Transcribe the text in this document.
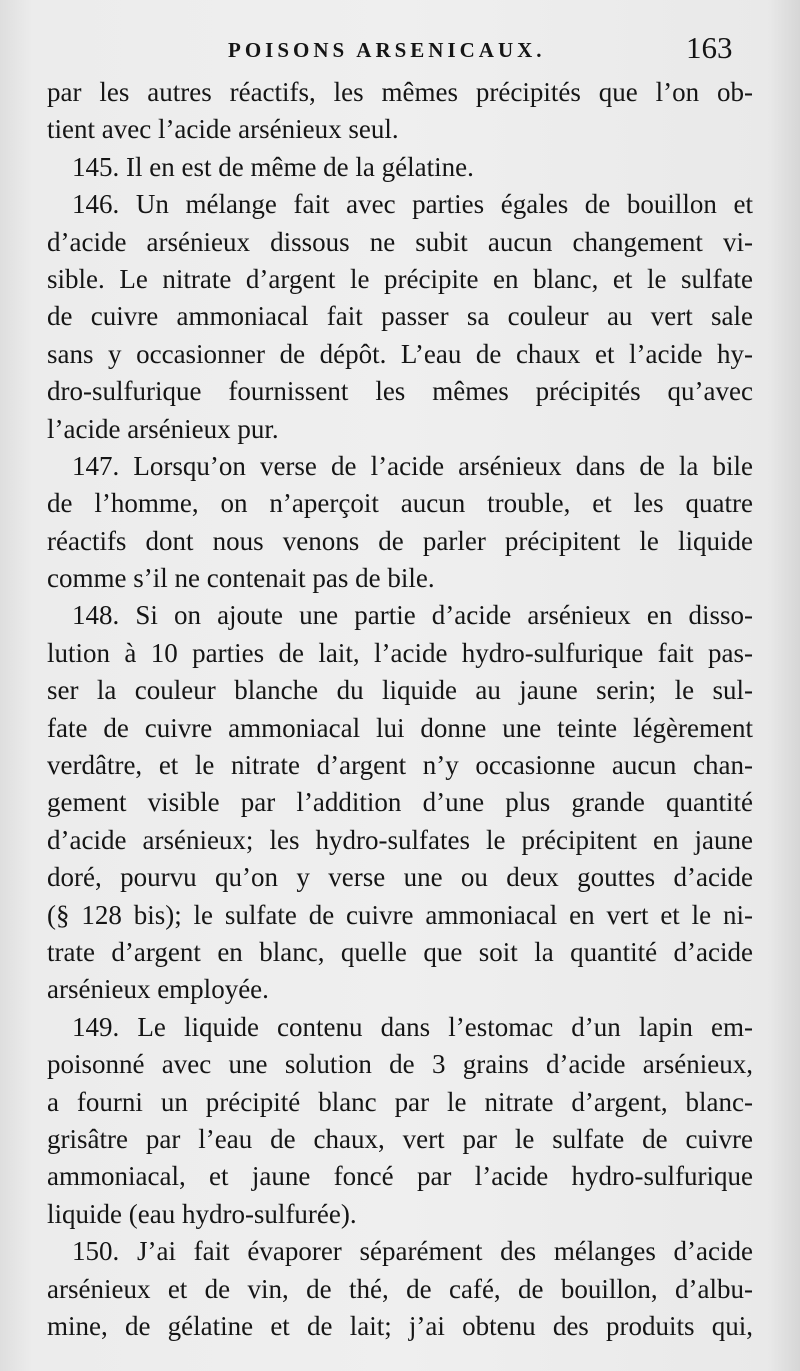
POISONS ARSENICAUX.	163
par les autres réactifs, les mêmes précipités que l’on ob-
tient avec l’acide arsénieux seul.
145. Il en est de même de la gélatine.
146. Un mélange fait avec parties égales de bouillon et
d’acide arsénieux dissous ne subit aucun changement vi-
sible. Le nitrate d’argent le précipite en blanc, et le sulfate
de cuivre ammoniacal fait passer sa couleur au vert sale
sans y occasionner de dépôt. L’eau de chaux et l’acide hy-
dro-sulfurique fournissent les mêmes précipités qu’avec
l’acide arsénieux pur.
147. Lorsqu’on verse de l’acide arsénieux dans de la bile
de l’homme, on n’aperçoit aucun trouble, et les quatre
réactifs dont nous venons de parler précipitent le liquide
comme s’il ne contenait pas de bile.
148. Si on ajoute une partie d’acide arsénieux en disso-
lution à 10 parties de lait, l’acide hydro-sulfurique fait pas-
ser la couleur blanche du liquide au jaune serin; le sul-
fate de cuivre ammoniacal lui donne une teinte légèrement
verdâtre, et le nitrate d’argent n’y occasionne aucun chan-
gement visible par l’addition d’une plus grande quantité
d’acide arsénieux; les hydro-sulfates le précipitent en jaune
doré, pourvu qu’on y verse une ou deux gouttes d’acide
(§ 128 bis); le sulfate de cuivre ammoniacal en vert et le ni-
trate d’argent en blanc, quelle que soit la quantité d’acide
arsénieux employée.
149. Le liquide contenu dans l’estomac d’un lapin em-
poisonné avec une solution de 3 grains d’acide arsénieux,
a fourni un précipité blanc par le nitrate d’argent, blanc-
grisâtre par l’eau de chaux, vert par le sulfate de cuivre
ammoniacal, et jaune foncé par l’acide hydro-sulfurique
liquide (eau hydro-sulfurée).
150. J’ai fait évaporer séparément des mélanges d’acide
arsénieux et de vin, de thé, de café, de bouillon, d’albu-
mine, de gélatine et de lait; j’ai obtenu des produits qui,
